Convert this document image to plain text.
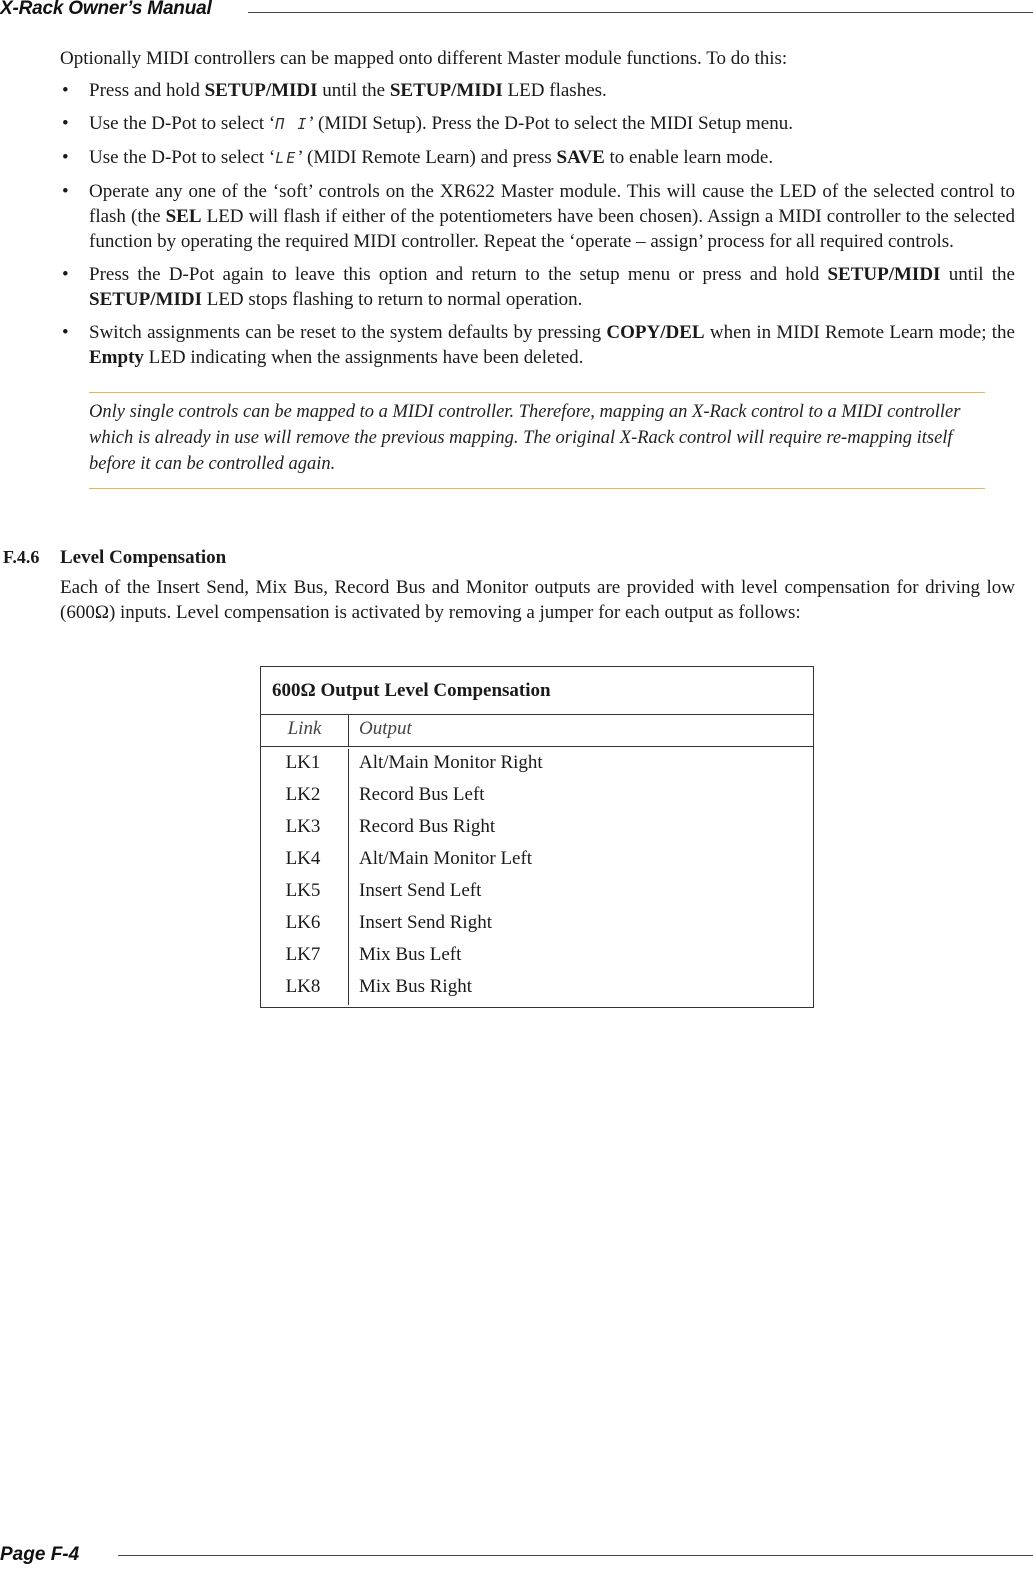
X-Rack Owner’s Manual

Optionally MIDI controllers can be mapped onto different Master module functions. To do this:

• Press and hold SETUP/MIDI until the SETUP/MIDI LED flashes.
• Use the D-Pot to select ‘Π I’ (MIDI Setup). Press the D-Pot to select the MIDI Setup menu.
• Use the D-Pot to select ‘LE’ (MIDI Remote Learn) and press SAVE to enable learn mode.
• Operate any one of the ‘soft’ controls on the XR622 Master module. This will cause the LED of the selected control to flash (the SEL LED will flash if either of the potentiometers have been chosen). Assign a MIDI controller to the selected function by operating the required MIDI controller. Repeat the ‘operate – assign’ process for all required controls.
• Press the D-Pot again to leave this option and return to the setup menu or press and hold SETUP/MIDI until the SETUP/MIDI LED stops flashing to return to normal operation.
• Switch assignments can be reset to the system defaults by pressing COPY/DEL when in MIDI Remote Learn mode; the Empty LED indicating when the assignments have been deleted.
Only single controls can be mapped to a MIDI controller. Therefore, mapping an X-Rack control to a MIDI controller which is already in use will remove the previous mapping. The original X-Rack control will require re-mapping itself before it can be controlled again.
F.4.6 Level Compensation

Each of the Insert Send, Mix Bus, Record Bus and Monitor outputs are provided with level compensation for driving low (600Ω) inputs. Level compensation is activated by removing a jumper for each output as follows:

600Ω Output Level Compensation
Link	Output
LK1	Alt/Main Monitor Right
LK2	Record Bus Left
LK3	Record Bus Right
LK4	Alt/Main Monitor Left
LK5	Insert Send Left
LK6	Insert Send Right
LK7	Mix Bus Left
LK8	Mix Bus Right
Page F-4
